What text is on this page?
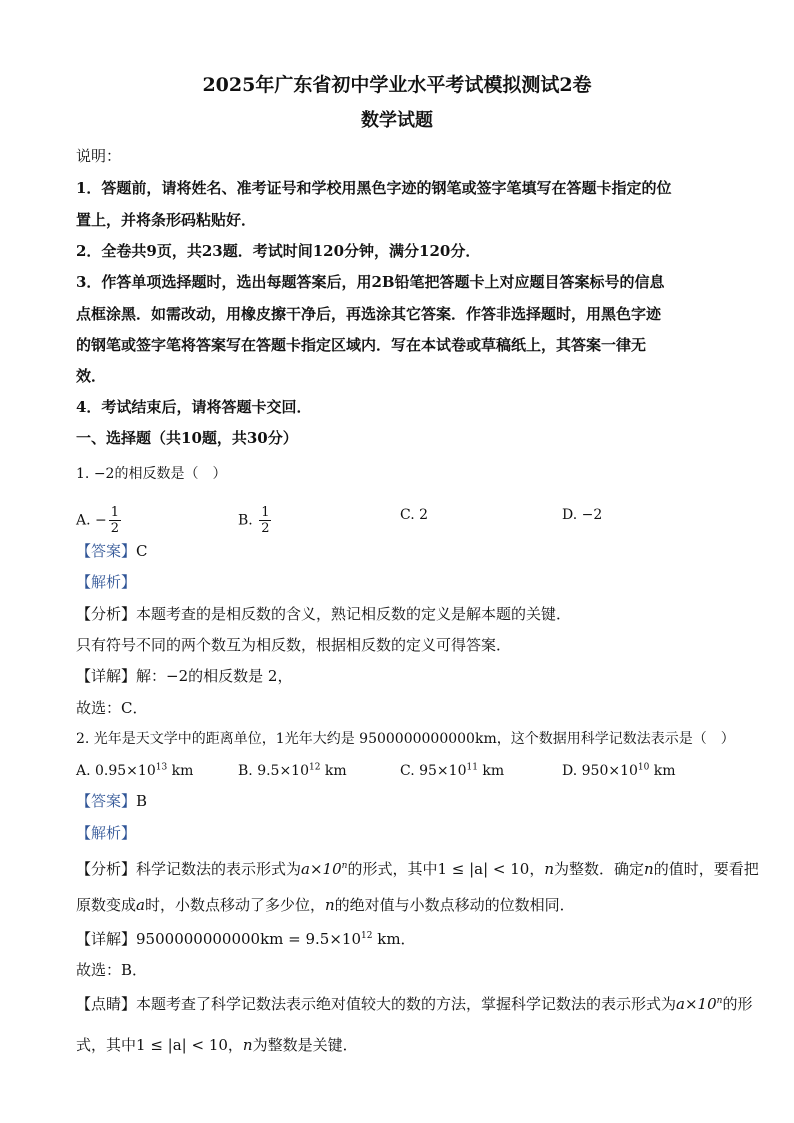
2025年广东省初中学业水平考试模拟测试2卷
数学试题
说明：
1．答题前，请将姓名、准考证号和学校用黑色字迹的钢笔或签字笔填写在答题卡指定的位
置上，并将条形码粘贴好．
2．全卷共9页，共23题．考试时间120分钟，满分120分．
3．作答单项选择题时，选出每题答案后，用2B铅笔把答题卡上对应题目答案标号的信息
点框涂黑．如需改动，用橡皮擦干净后，再选涂其它答案．作答非选择题时，用黑色字迹
的钢笔或签字笔将答案写在答题卡指定区域内．写在本试卷或草稿纸上，其答案一律无
效．
4．考试结束后，请将答题卡交回．
一、选择题（共10题，共30分）
1. −2的相反数是（　）
A. − $\frac{1}{2}$	B. $\frac{1}{2}$	C. 2	D. −2
【答案】C
【解析】
【分析】本题考查的是相反数的含义，熟记相反数的定义是解本题的关键．
只有符号不同的两个数互为相反数，根据相反数的定义可得答案．
【详解】解：−2的相反数是 2，
故选：C．
2. 光年是天文学中的距离单位，1光年大约是 9500000000000km，这个数据用科学记数法表示是（　）
A. $0.95\times 10^{13}$ km	B. $9.5\times 10^{12}$ km	C. $95\times 10^{11}$ km	D. $950\times 10^{10}$ km
【答案】B
【解析】
【分析】科学记数法的表示形式为$a\times 10^n$的形式，其中1 ≤ |a| < 10，n为整数．确定n的值时，要看把
原数变成a时，小数点移动了多少位，n的绝对值与小数点移动的位数相同．
【详解】$9500000000000km = 9.5\times 10^{12}$ km．
故选：B．
【点睛】本题考查了科学记数法表示绝对值较大的数的方法，掌握科学记数法的表示形式为$a\times 10^n$的形
式，其中1 ≤ |a| < 10，n为整数是关键．
